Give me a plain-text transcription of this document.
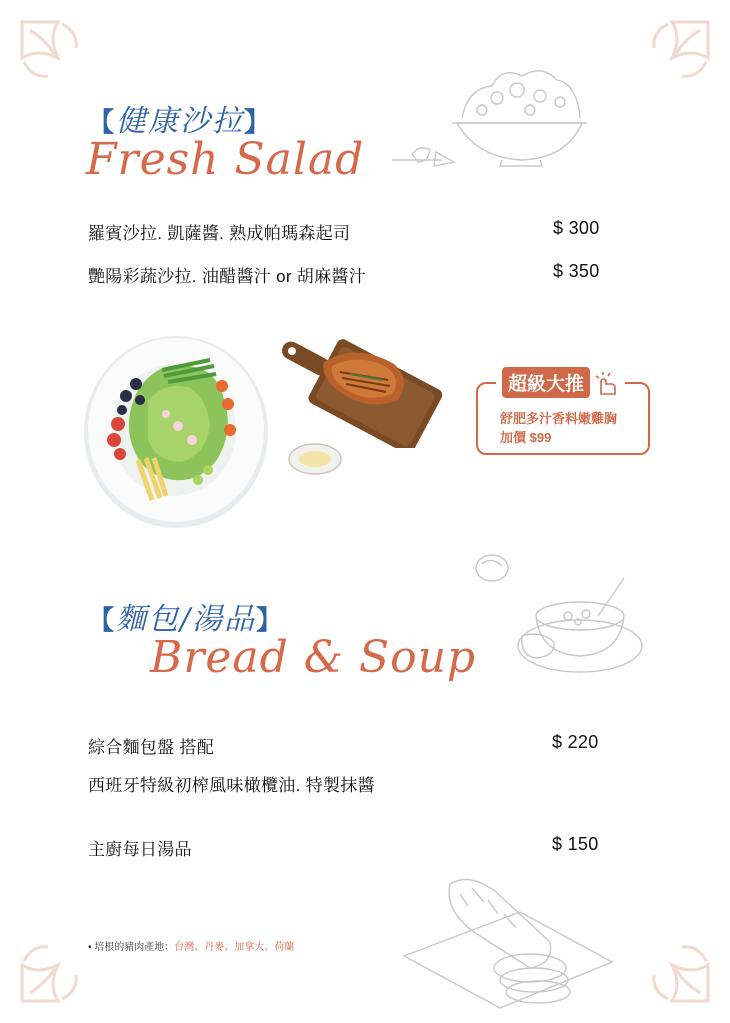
【健康沙拉】
Fresh Salad
羅賓沙拉. 凱薩醬. 熟成帕瑪森起司	$ 300
艷陽彩蔬沙拉. 油醋醬汁 or 胡麻醬汁	$ 350
超級大推
舒肥多汁香料嫩雞胸
加價 $99
【麵包/湯品】
Bread & Soup
綜合麵包盤 搭配	$ 220
西班牙特級初榨風味橄欖油. 特製抹醬
主廚每日湯品	$ 150
• 培根的豬肉產地：台灣、丹麥、加拿大、荷蘭
